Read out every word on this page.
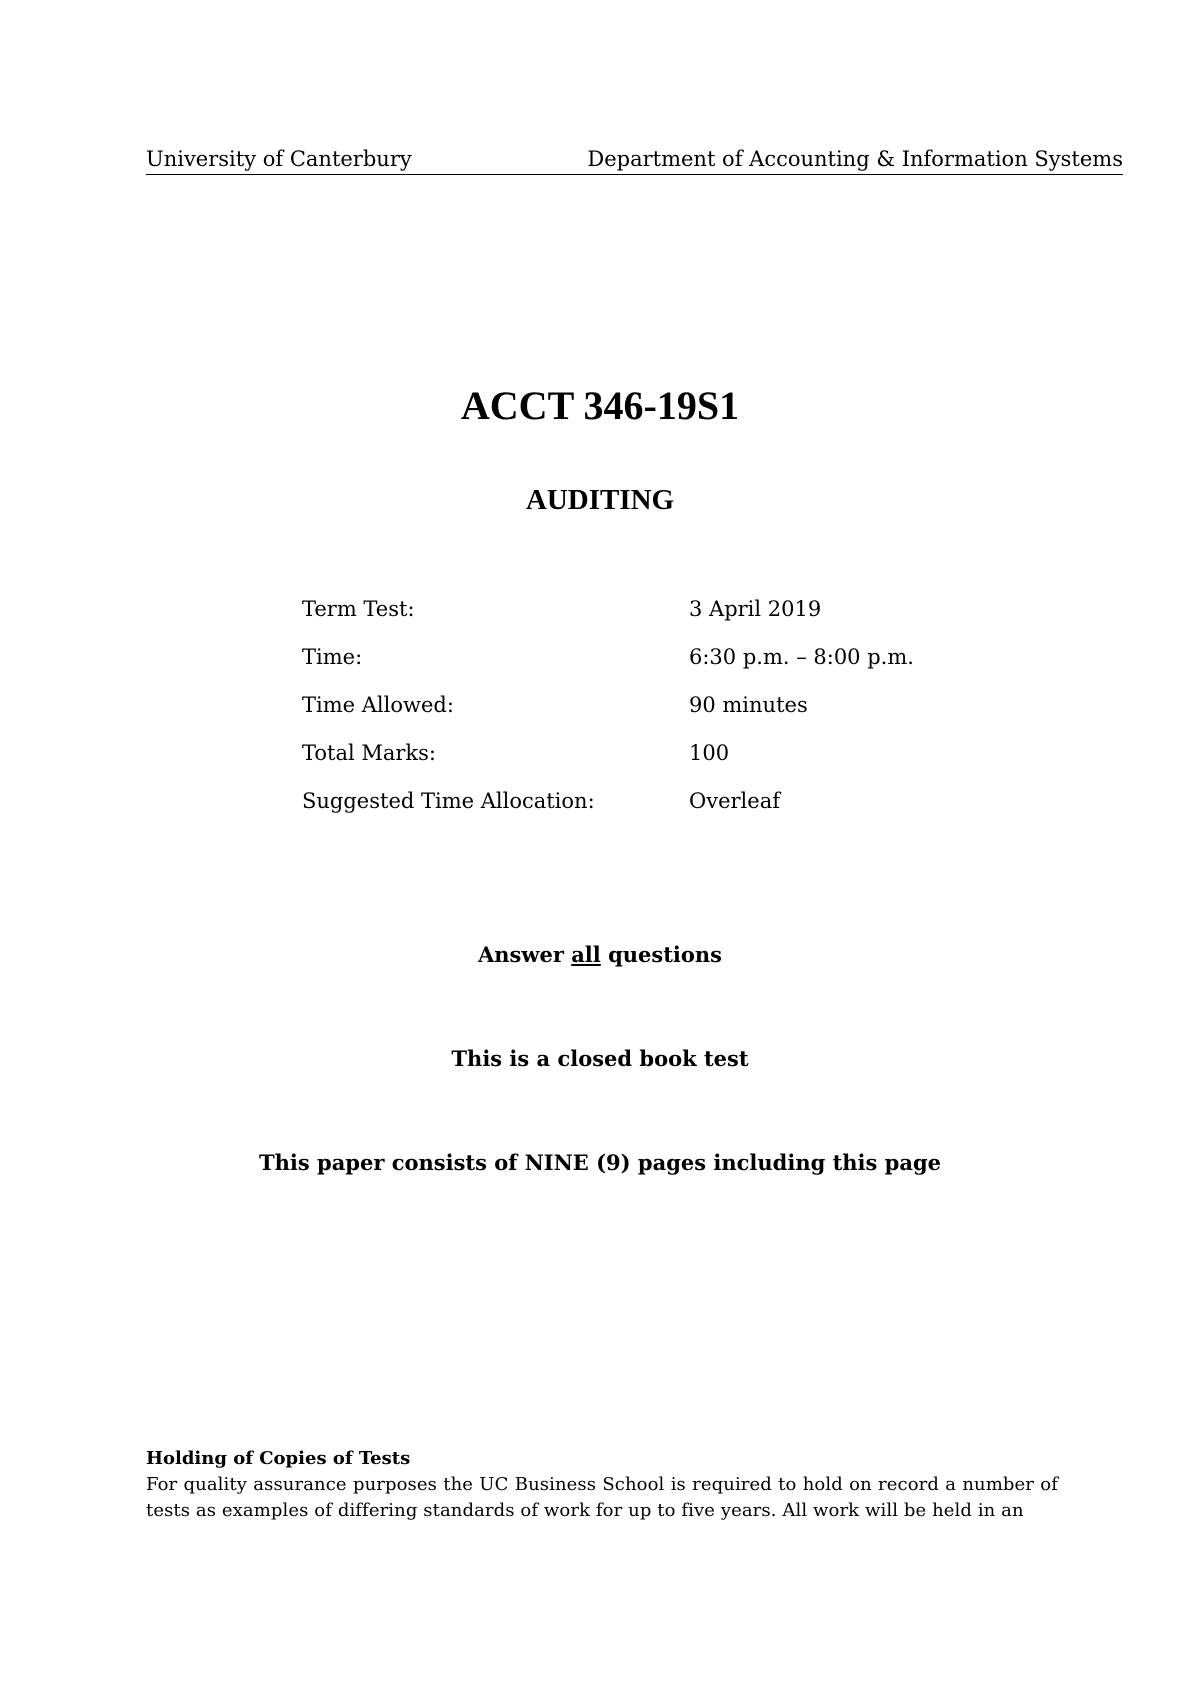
University of Canterbury	Department of Accounting & Information Systems
ACCT 346-19S1
AUDITING
Term Test:	3 April 2019
Time:	6:30 p.m. – 8:00 p.m.
Time Allowed:	90 minutes
Total Marks:	100
Suggested Time Allocation:	Overleaf
Answer all questions
This is a closed book test
This paper consists of NINE (9) pages including this page
Holding of Copies of Tests
For quality assurance purposes the UC Business School is required to hold on record a number of tests as examples of differing standards of work for up to five years. All work will be held in an
